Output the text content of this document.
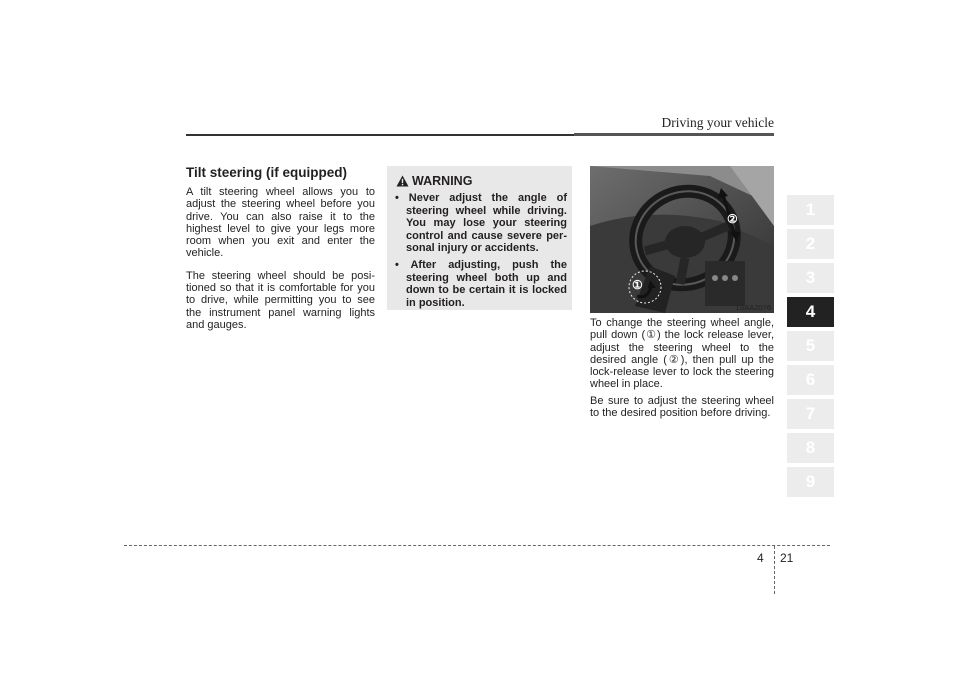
Driving your vehicle
1
2
3
4
5
6
7
8
9
Tilt steering (if equipped)

A tilt steering wheel allows you to adjust the steering wheel before you drive. You can also raise it to the highest level to give your legs more room when you exit and enter the vehicle.

The steering wheel should be posi-tioned so that it is comfortable for you to drive, while permitting you to see the instrument panel warning lights and gauges.

WARNING
• Never adjust the angle of steering wheel while driving. You may lose your steering control and cause severe per-sonal injury or accidents.
• After adjusting, push the steering wheel both up and down to be certain it is locked in position.
①
②
1SAA2076

To change the steering wheel angle, pull down (①) the lock release lever, adjust the steering wheel to the desired angle (②), then pull up the lock-release lever to lock the steering wheel in place.

Be sure to adjust the steering wheel to the desired position before driving.

4 21
